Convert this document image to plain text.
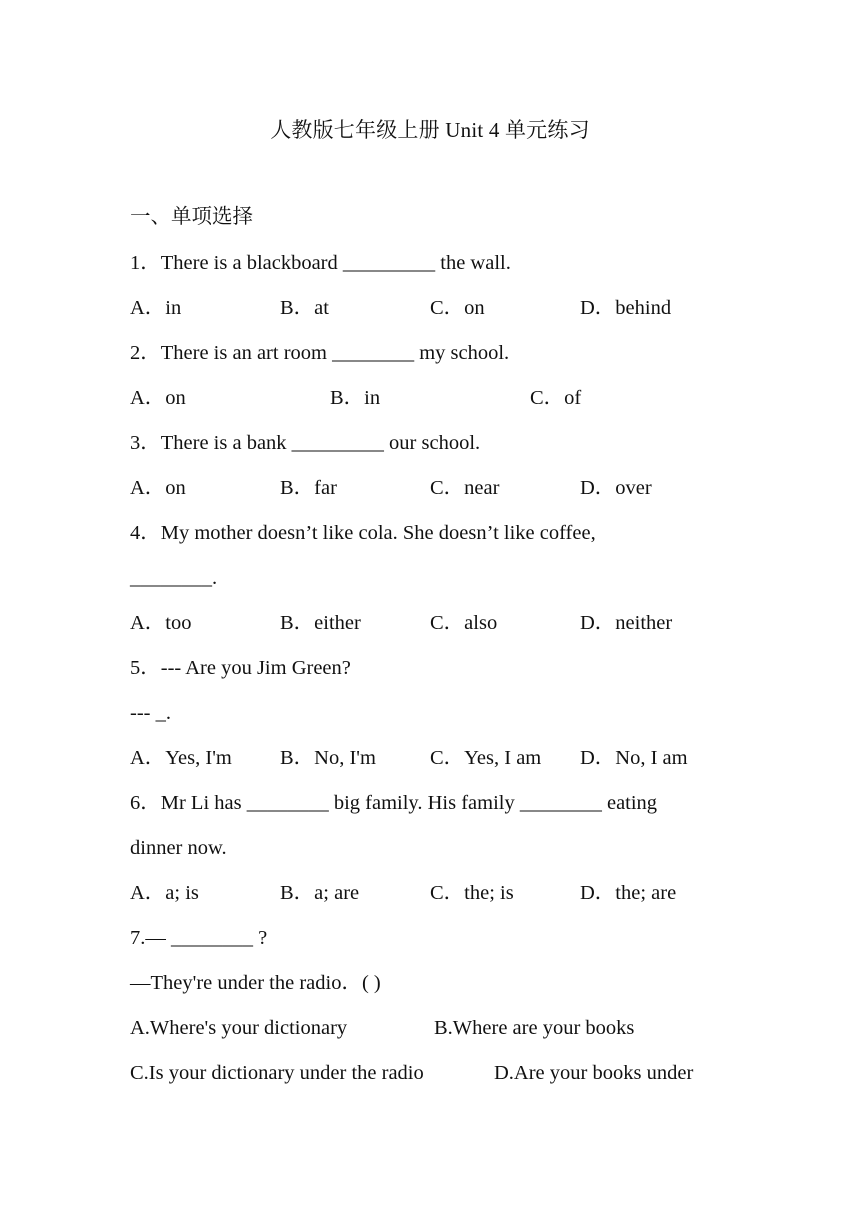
人教版七年级上册 Unit 4 单元练习
一、单项选择
1．There is a blackboard _________ the wall.
A．in	B．at	C．on	D．behind
2．There is an art room ________ my school.
A．on	B．in	C．of
3．There is a bank _________ our school.
A．on	B．far	C．near	D．over
4．My mother doesn’t like cola. She doesn’t like coffee,
________.
A．too	B．either	C．also	D．neither
5．--- Are you Jim Green?
--- _.
A．Yes, I'm B．No, I'm	C．Yes, I am D．No, I am
6．Mr Li has ________ big family. His family ________ eating
dinner now.
A．a; is	B．a; are	C．the; is	D．the; are
7.— ________ ?
—They're under the radio．( )
A.Where's your dictionary	B.Where are your books
C.Is your dictionary under the radio	D.Are your books under
